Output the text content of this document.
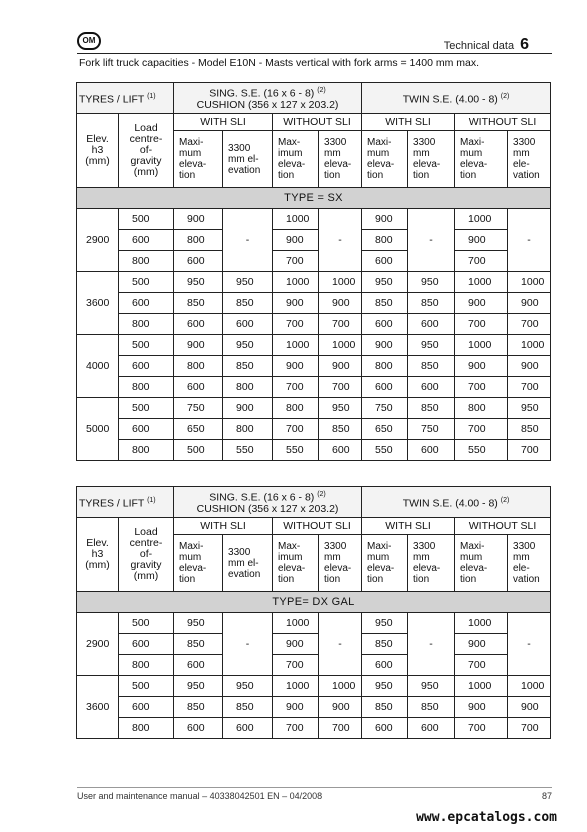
OM	Technical data 6
Fork lift truck capacities - Model E10N - Masts vertical with fork arms = 1400 mm max.
TYRES / LIFT $^{(1)}$		SING. S.E. (16 x 6 - 8) $^{(2)}$
CUSHION (356 x 127 x 203.2)				TWIN S.E. (4.00 - 8) $^{(2)}$
Elev.
h3
(mm)	Load
centre-
of-
gravity
(mm)	WITH SLI		WITHOUT SLI		WITH SLI		WITHOUT SLI	
		Maxi-
mum
eleva-
tion	3300
mm el-
evation	Max-
imum
eleva-
tion	3300
mm
eleva-
tion	Maxi-
mum
eleva-
tion	3300
mm
eleva-
tion	Maxi-
mum
eleva-
tion	3300
mm ele-
vation
TYPE = SX									
2900	500	900	-	1000	-	900	-	1000	-
	600	800		900		800		900	
	800	600		700		600		700	
3600	500	950	950	1000	1000	950	950	1000	1000
	600	850	850	900	900	850	850	900	900
	800	600	600	700	700	600	600	700	700
4000	500	900	950	1000	1000	900	950	1000	1000
	600	800	850	900	900	800	850	900	900
	800	600	800	700	700	600	600	700	700
5000	500	750	900	800	950	750	850	800	950
	600	650	800	700	850	650	750	700	850
	800	500	550	550	600	550	600	550	700
TYRES / LIFT $^{(1)}$		SING. S.E. (16 x 6 - 8) $^{(2)}$
CUSHION (356 x 127 x 203.2)				TWIN S.E. (4.00 - 8) $^{(2)}$
Elev.
h3
(mm)	Load
centre-
of-
gravity
(mm)	WITH SLI		WITHOUT SLI		WITH SLI		WITHOUT SLI	
		Maxi-
mum
eleva-
tion	3300
mm el-
evation	Max-
imum
eleva-
tion	3300
mm
eleva-
tion	Maxi-
mum
eleva-
tion	3300
mm
eleva-
tion	Maxi-
mum
eleva-
tion	3300
mm ele-
vation
TYPE= DX GAL									
2900	500	950	-	1000	-	950	-	1000	-
	600	850		900		850		900	
	800	600		700		600		700	
3600	500	950	950	1000	1000	950	950	1000	1000
	600	850	850	900	900	850	850	900	900
	800	600	600	700	700	600	600	700	700
User and maintenance manual – 40338042501 EN – 04/2008	87
www.epcatalogs.com
